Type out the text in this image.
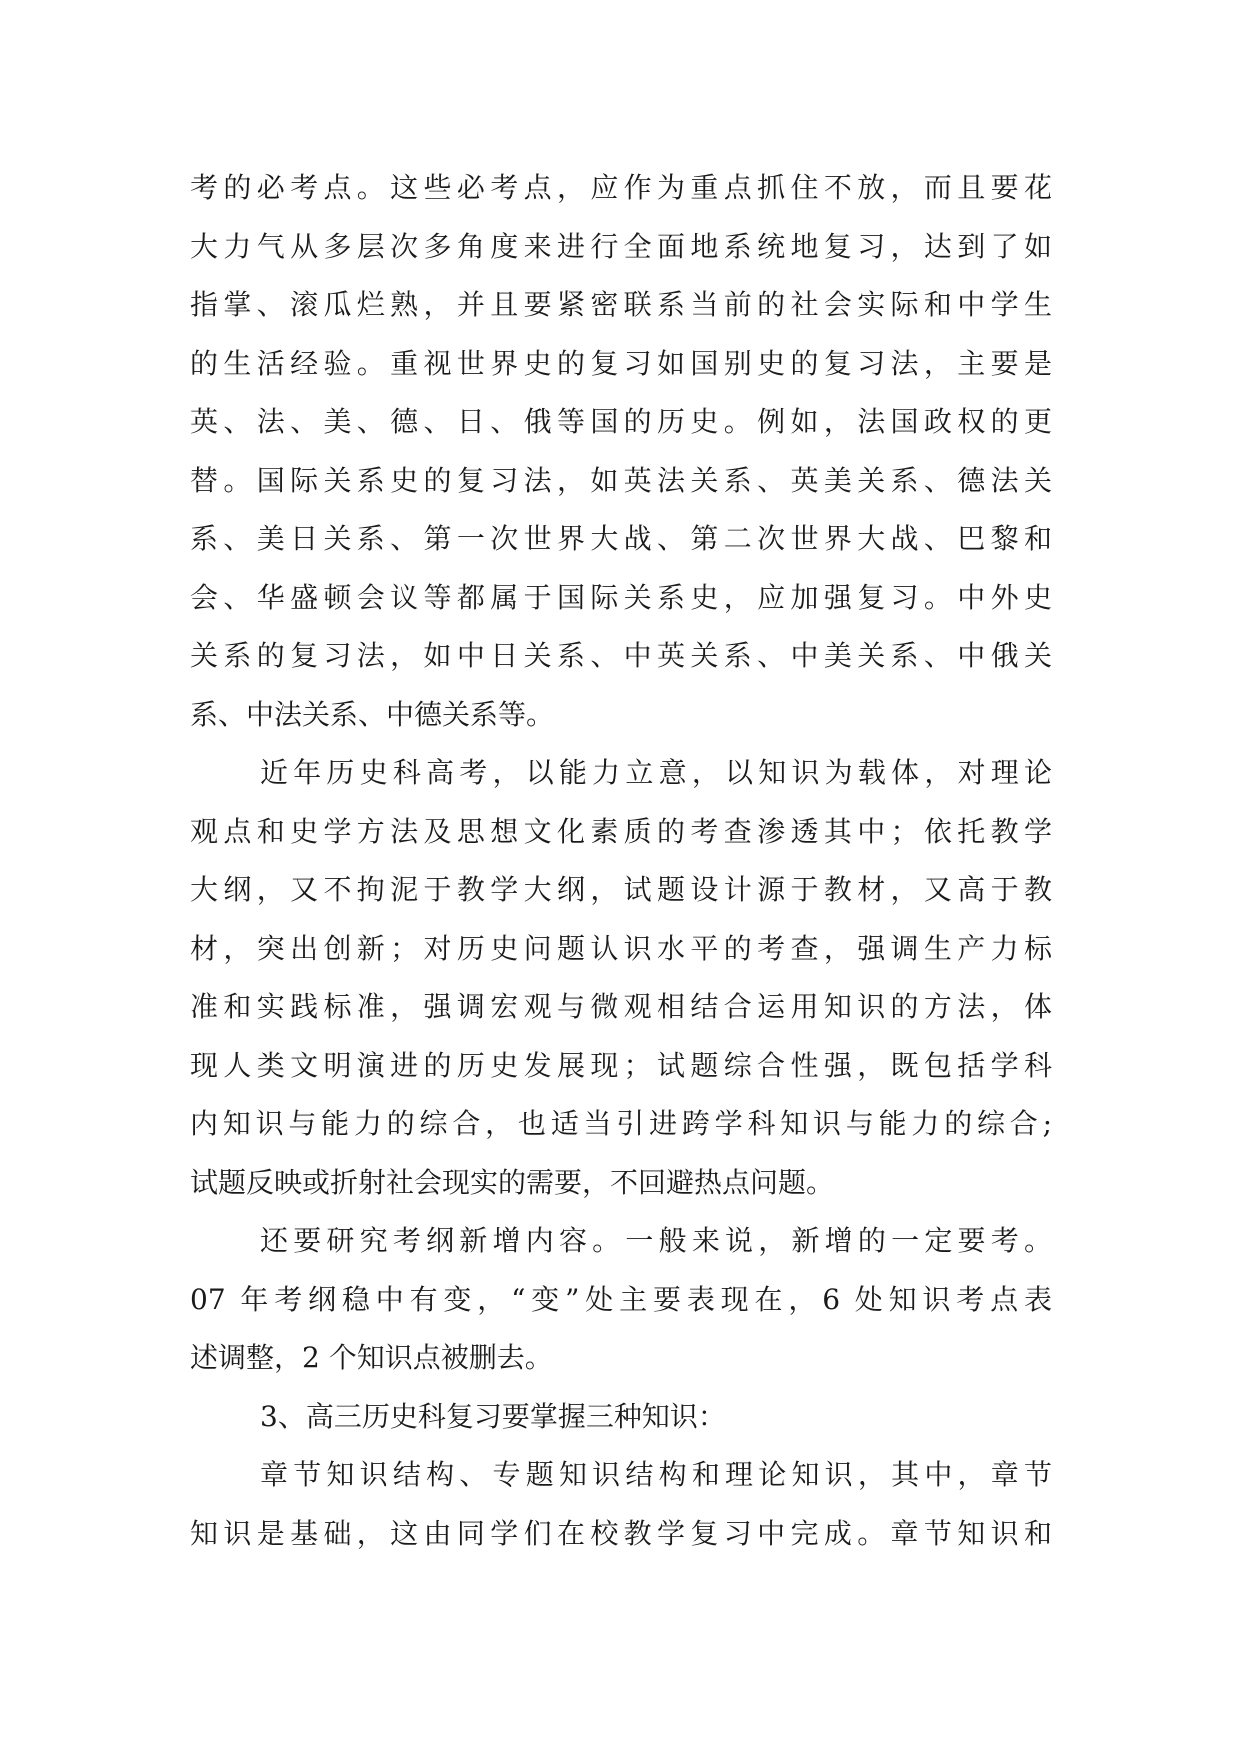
考的必考点。这些必考点，应作为重点抓住不放，而且要花
大力气从多层次多角度来进行全面地系统地复习，达到了如
指掌、滚瓜烂熟，并且要紧密联系当前的社会实际和中学生
的生活经验。重视世界史的复习如国别史的复习法，主要是
英、法、美、德、日、俄等国的历史。例如，法国政权的更
替。国际关系史的复习法，如英法关系、英美关系、德法关
系、美日关系、第一次世界大战、第二次世界大战、巴黎和
会、华盛顿会议等都属于国际关系史，应加强复习。中外史
关系的复习法，如中日关系、中英关系、中美关系、中俄关
系、中法关系、中德关系等。
近年历史科高考，以能力立意，以知识为载体，对理论
观点和史学方法及思想文化素质的考查渗透其中；依托教学
大纲，又不拘泥于教学大纲，试题设计源于教材，又高于教
材，突出创新；对历史问题认识水平的考查，强调生产力标
准和实践标准，强调宏观与微观相结合运用知识的方法，体
现人类文明演进的历史发展现；试题综合性强，既包括学科
内知识与能力的综合，也适当引进跨学科知识与能力的综合;
试题反映或折射社会现实的需要，不回避热点问题。
还要研究考纲新增内容。一般来说，新增的一定要考。
07 年考纲稳中有变，“变”处主要表现在，6 处知识考点表
述调整，2 个知识点被删去。
3、高三历史科复习要掌握三种知识：
章节知识结构、专题知识结构和理论知识，其中，章节
知识是基础，这由同学们在校教学复习中完成。章节知识和
